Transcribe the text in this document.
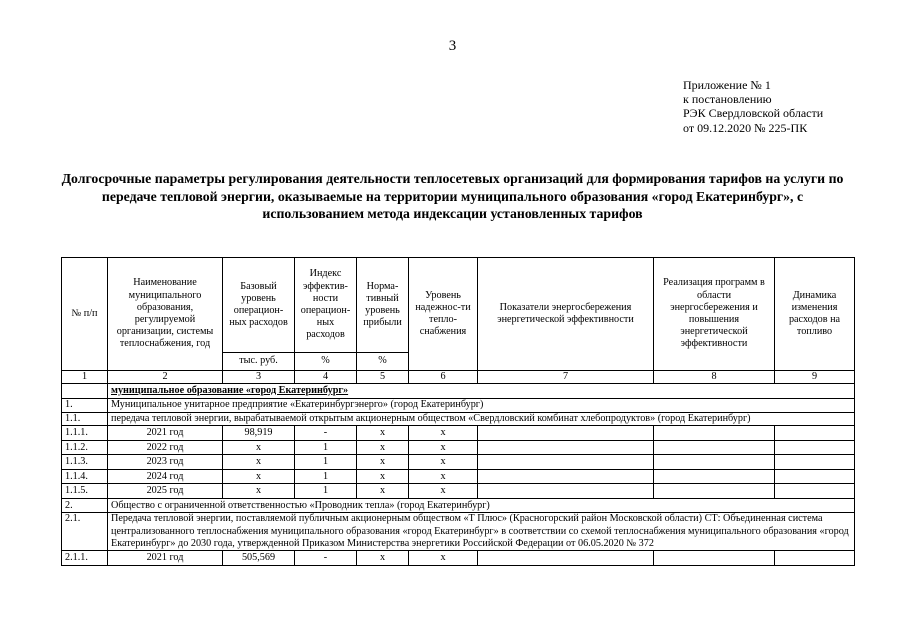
3
Приложение № 1
к постановлению
РЭК Свердловской области
от 09.12.2020 № 225-ПК
Долгосрочные параметры регулирования деятельности теплосетевых организаций для формирования тарифов на услуги по передаче тепловой энергии, оказываемые на территории муниципального образования «город Екатеринбург», с использованием метода индексации установленных тарифов
№ п/п	Наименование муниципального образования, регулируемой организации, системы теплоснабжения, год	Базовый уровень операцион-ных расходов	Индекс эффектив-ности операцион-ных расходов	Норма-тивный уровень прибыли	Уровень надежнос-ти тепло-снабжения	Показатели энергосбережения энергетической эффективности	Реализация программ в области энергосбережения и повышения энергетической эффективности	Динамика изменения расходов на топливо
		тыс. руб.	%	%				
1	2	3	4	5	6	7	8	9
	муниципальное образование «город Екатеринбург»							
1.	Муниципальное унитарное предприятие «Екатеринбургэнерго» (город Екатеринбург)							
1.1.	передача тепловой энергии, вырабатываемой открытым акционерным обществом «Свердловский комбинат хлебопродуктов» (город Екатеринбург)							
1.1.1.	2021 год	98,919	-	х	х			
1.1.2.	2022 год	х	1	х	х			
1.1.3.	2023 год	х	1	х	х			
1.1.4.	2024 год	х	1	х	х			
1.1.5.	2025 год	х	1	х	х			
2.	Общество с ограниченной ответственностью «Проводник тепла» (город Екатеринбург)							
2.1.	Передача тепловой энергии, поставляемой публичным акционерным обществом «Т Плюс» (Красногорский район Московской области) СТ: Объединенная система централизованного теплоснабжения муниципального образования «город Екатеринбург» в соответствии со схемой теплоснабжения муниципального образования «город Екатеринбург» до 2030 года, утвержденной Приказом Министерства энергетики Российской Федерации от 06.05.2020 № 372							
2.1.1.	2021 год	505,569	-	х	х			
